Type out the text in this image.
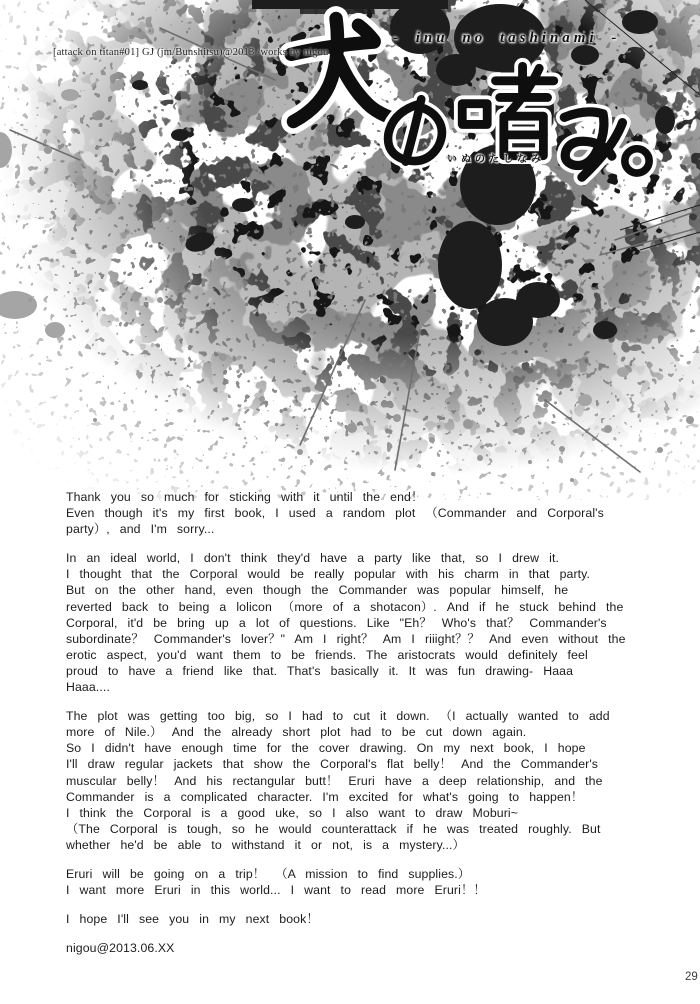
[attack on titan#01] GJ (jm/Bunshitsu)@2013 /works by nigou
- inu no tashinami -
いぬのたしなみ
Thank you so much for sticking with it until the end！
Even though it's my first book, I used a random plot （Commander and Corporal's
party）, and I'm sorry...
In an ideal world, I don't think they'd have a party like that, so I drew it.
I thought that the Corporal would be really popular with his charm in that party.
But on the other hand, even though the Commander was popular himself, he
reverted back to being a lolicon （more of a shotacon）. And if he stuck behind the
Corporal, it'd be bring up a lot of questions. Like "Eh？ Who's that？ Commander's
subordinate？ Commander's lover？" Am I right？ Am I riiight？？ And even without the
erotic aspect, you'd want them to be friends. The aristocrats would definitely feel
proud to have a friend like that. That's basically it. It was fun drawing- Haaa
Haaa....
The plot was getting too big, so I had to cut it down. （I actually wanted to add
more of Nile.） And the already short plot had to be cut down again.
So I didn't have enough time for the cover drawing. On my next book, I hope
I'll draw regular jackets that show the Corporal's flat belly！ And the Commander's
muscular belly！ And his rectangular butt！ Eruri have a deep relationship, and the
Commander is a complicated character. I'm excited for what's going to happen！
I think the Corporal is a good uke, so I also want to draw Moburi~
（The Corporal is tough, so he would counterattack if he was treated roughly. But
whether he'd be able to withstand it or not, is a mystery...）
Eruri will be going on a trip！ （A mission to find supplies.）
I want more Eruri in this world... I want to read more Eruri！！
I hope I'll see you in my next book！
nigou@2013.06.XX
29
